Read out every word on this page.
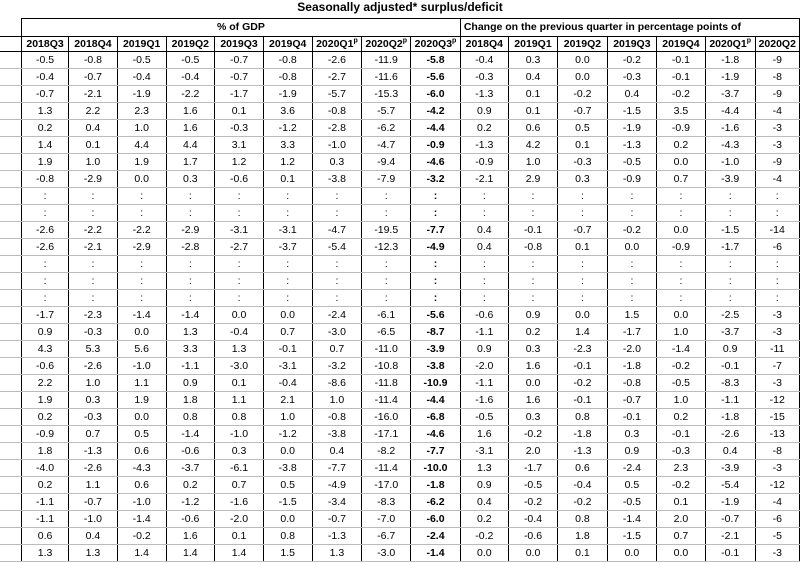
Seasonally adjusted* surplus/deficit
	% of GDP									Change on the previous quarter in percentage points of						
	2018Q3	2018Q4	2019Q1	2019Q2	2019Q3	2019Q4	2020Q1$^p$	2020Q2$^p$	2020Q3$^p$	2018Q4	2019Q1	2019Q2	2019Q3	2019Q4	2020Q1$^p$	2020Q2
	-0.5	-0.8	-0.5	-0.5	-0.7	-0.8	-2.6	-11.9	-5.8	-0.4	0.3	0.0	-0.2	-0.1	-1.8	-9
	-0.4	-0.7	-0.4	-0.4	-0.7	-0.8	-2.7	-11.6	-5.6	-0.3	0.4	0.0	-0.3	-0.1	-1.9	-8
	-0.7	-2.1	-1.9	-2.2	-1.7	-1.9	-5.7	-15.3	-6.0	-1.3	0.1	-0.2	0.4	-0.2	-3.7	-9
	1.3	2.2	2.3	1.6	0.1	3.6	-0.8	-5.7	-4.2	0.9	0.1	-0.7	-1.5	3.5	-4.4	-4
	0.2	0.4	1.0	1.6	-0.3	-1.2	-2.8	-6.2	-4.4	0.2	0.6	0.5	-1.9	-0.9	-1.6	-3
	1.4	0.1	4.4	4.4	3.1	3.3	-1.0	-4.7	-0.9	-1.3	4.2	0.1	-1.3	0.2	-4.3	-3
	1.9	1.0	1.9	1.7	1.2	1.2	0.3	-9.4	-4.6	-0.9	1.0	-0.3	-0.5	0.0	-1.0	-9
	-0.8	-2.9	0.0	0.3	-0.6	0.1	-3.8	-7.9	-3.2	-2.1	2.9	0.3	-0.9	0.7	-3.9	-4
	:	:	:	:	:	:	:	:	:	:	:	:	:	:	:	:
	:	:	:	:	:	:	:	:	:	:	:	:	:	:	:	:
	-2.6	-2.2	-2.2	-2.9	-3.1	-3.1	-4.7	-19.5	-7.7	0.4	-0.1	-0.7	-0.2	0.0	-1.5	-14
	-2.6	-2.1	-2.9	-2.8	-2.7	-3.7	-5.4	-12.3	-4.9	0.4	-0.8	0.1	0.0	-0.9	-1.7	-6
	:	:	:	:	:	:	:	:	:	:	:	:	:	:	:	:
	:	:	:	:	:	:	:	:	:	:	:	:	:	:	:	:
	:	:	:	:	:	:	:	:	:	:	:	:	:	:	:	:
	-1.7	-2.3	-1.4	-1.4	0.0	0.0	-2.4	-6.1	-5.6	-0.6	0.9	0.0	1.5	0.0	-2.5	-3
	0.9	-0.3	0.0	1.3	-0.4	0.7	-3.0	-6.5	-8.7	-1.1	0.2	1.4	-1.7	1.0	-3.7	-3
	4.3	5.3	5.6	3.3	1.3	-0.1	0.7	-11.0	-3.9	0.9	0.3	-2.3	-2.0	-1.4	0.9	-11
	-0.6	-2.6	-1.0	-1.1	-3.0	-3.1	-3.2	-10.8	-3.8	-2.0	1.6	-0.1	-1.8	-0.2	-0.1	-7
	2.2	1.0	1.1	0.9	0.1	-0.4	-8.6	-11.8	-10.9	-1.1	0.0	-0.2	-0.8	-0.5	-8.3	-3
	1.9	0.3	1.9	1.8	1.1	2.1	1.0	-11.4	-4.4	-1.6	1.6	-0.1	-0.7	1.0	-1.1	-12
	0.2	-0.3	0.0	0.8	0.8	1.0	-0.8	-16.0	-6.8	-0.5	0.3	0.8	-0.1	0.2	-1.8	-15
	-0.9	0.7	0.5	-1.4	-1.0	-1.2	-3.8	-17.1	-4.6	1.6	-0.2	-1.8	0.3	-0.1	-2.6	-13
	1.8	-1.3	0.6	-0.6	0.3	0.0	0.4	-8.2	-7.7	-3.1	2.0	-1.3	0.9	-0.3	0.4	-8
	-4.0	-2.6	-4.3	-3.7	-6.1	-3.8	-7.7	-11.4	-10.0	1.3	-1.7	0.6	-2.4	2.3	-3.9	-3
	0.2	1.1	0.6	0.2	0.7	0.5	-4.9	-17.0	-1.8	0.9	-0.5	-0.4	0.5	-0.2	-5.4	-12
	-1.1	-0.7	-1.0	-1.2	-1.6	-1.5	-3.4	-8.3	-6.2	0.4	-0.2	-0.2	-0.5	0.1	-1.9	-4
	-1.1	-1.0	-1.4	-0.6	-2.0	0.0	-0.7	-7.0	-6.0	0.2	-0.4	0.8	-1.4	2.0	-0.7	-6
	0.6	0.4	-0.2	1.6	0.1	0.8	-1.3	-6.7	-2.4	-0.2	-0.6	1.8	-1.5	0.7	-2.1	-5
	1.3	1.3	1.4	1.4	1.4	1.5	1.3	-3.0	-1.4	0.0	0.0	0.1	0.0	0.0	-0.1	-3
